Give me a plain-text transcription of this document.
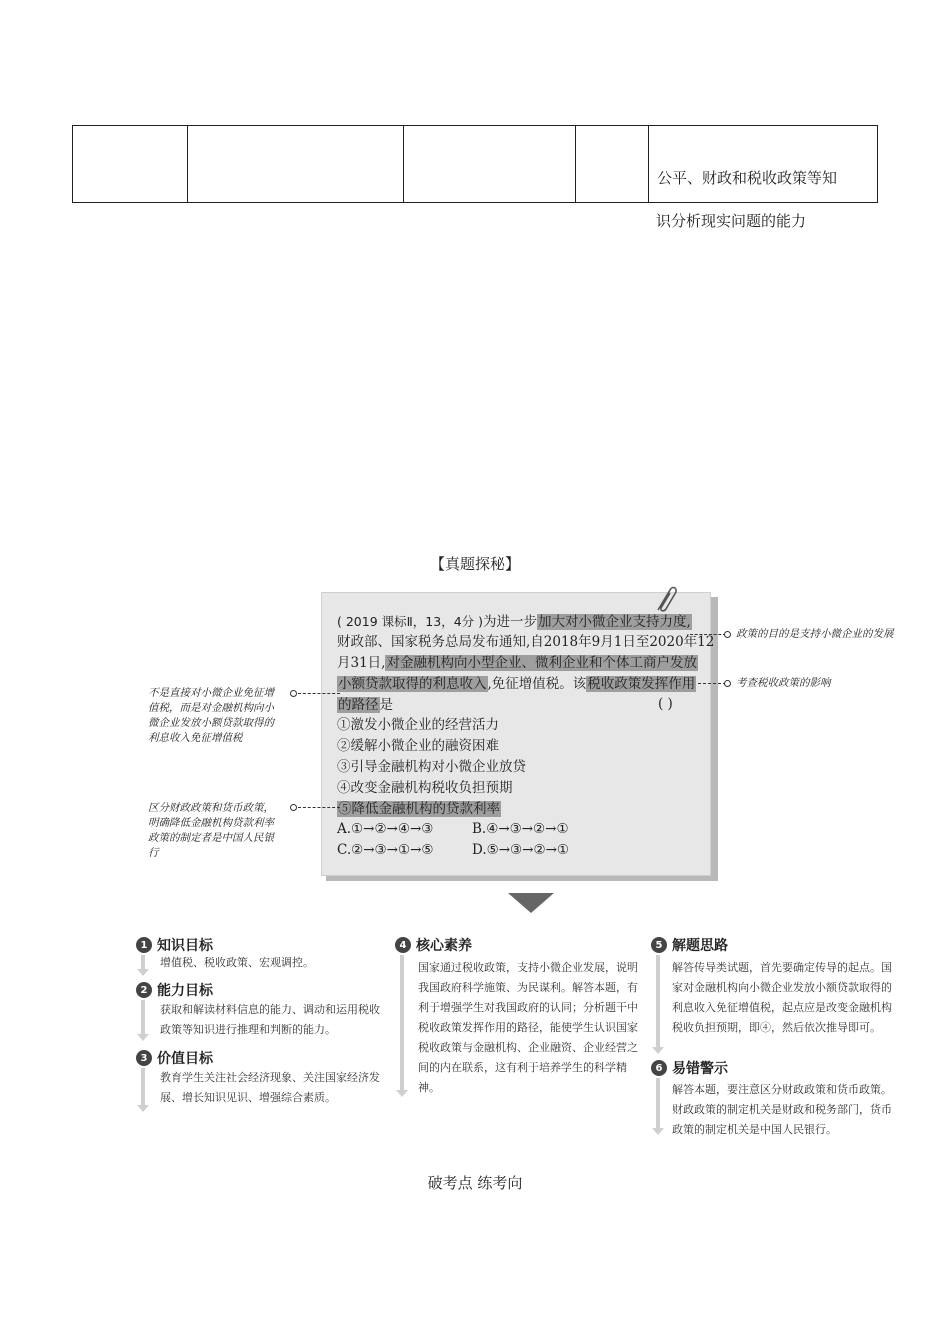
				公平、财政和税收政策等知
识分析现实问题的能力
【真题探秘】
( 2019 课标Ⅱ，13，4分 )为进一步加大对小微企业支持力度,
财政部、国家税务总局发布通知,自2018年9月1日至2020年12
月31日,对金融机构向小型企业、微利企业和个体工商户发放
小额贷款取得的利息收入,免征增值税。该税收政策发挥作用
的路径是	( )
①激发小微企业的经营活力
②缓解小微企业的融资困难
③引导金融机构对小微企业放贷
④改变金融机构税收负担预期
⑤降低金融机构的贷款利率
A.①→②→④→③	B.④→③→②→①
C.②→③→①→⑤	D.⑤→③→②→①
政策的目的是支持小微企业的发展
考查税收政策的影响
不是直接对小微企业免征增值税，而是对金融机构向小微企业发放小额贷款取得的利息收入免征增值税
区分财政政策和货币政策，明确降低金融机构贷款利率政策的制定者是中国人民银行
1 知识目标
增值税、税收政策、宏观调控。
2 能力目标
获取和解读材料信息的能力、调动和运用税收政策等知识进行推理和判断的能力。
3 价值目标
教育学生关注社会经济现象、关注国家经济发展、增长知识见识、增强综合素质。
4 核心素养
国家通过税收政策，支持小微企业发展，说明我国政府科学施策、为民谋利。解答本题，有利于增强学生对我国政府的认同；分析题干中税收政策发挥作用的路径，能使学生认识国家税收政策与金融机构、企业融资、企业经营之间的内在联系，这有利于培养学生的科学精神。
5 解题思路
解答传导类试题，首先要确定传导的起点。国家对金融机构向小微企业发放小额贷款取得的利息收入免征增值税，起点应是改变金融机构税收负担预期，即④，然后依次推导即可。
6 易错警示
解答本题，要注意区分财政政策和货币政策。财政政策的制定机关是财政和税务部门，货币政策的制定机关是中国人民银行。
破考点 练考向
